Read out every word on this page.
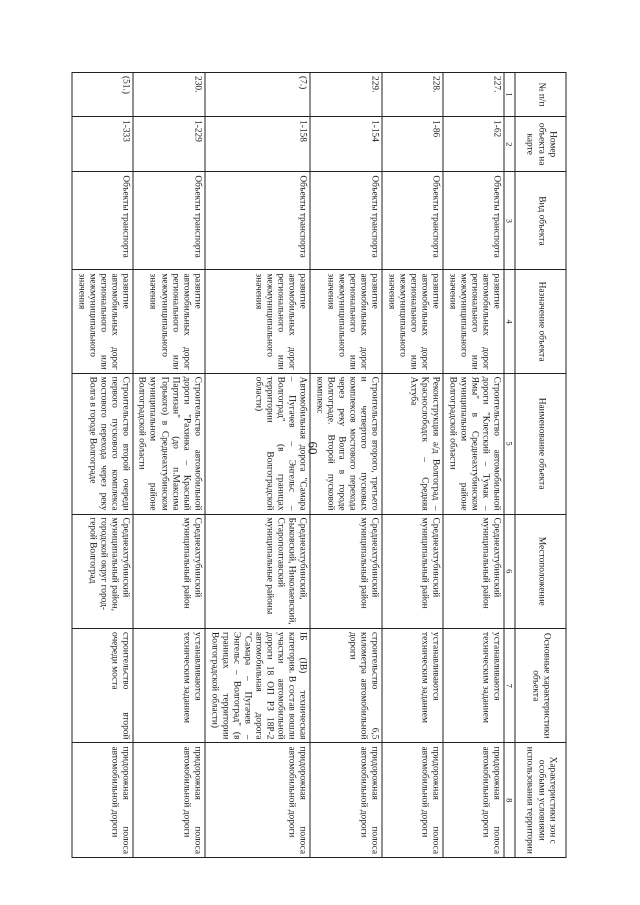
60
№ п/п	Номер объекта на карте	Вид объекта	Назначение объекта	Наименование объекта	Местоположение	Основные характеристики объекта	Характеристики зон с особыми условиями использования территории
1	2	3	4	5	6	7	8
227.	1-62	Объекты транспорта	развитие автомобильных дорог регионального или межмуниципального значения	Строительство автомобильной дороги "Клетский – Тумак – Ямы" в Среднеахтубинском муниципальном районе Волгоградской области	Среднеахтубинский муниципальный район	устанавливаются техническим заданием	придорожная полоса автомобильной дороги
228.	1-86	Объекты транспорта	развитие автомобильных дорог регионального или межмуниципального значения	Реконструкция а/д Волгоград – Краснослободск – Средняя Ахтуба	Среднеахтубинский муниципальный район	устанавливаются техническим заданием	придорожная полоса автомобильной дороги
229.	1-154	Объекты транспорта	развитие автомобильных дорог регионального или межмуниципального значения	Строительство второго, третьего и четвертого пусковых комплексов мостового перехода через реку Волга в городе Волгограде. Второй пусковой комплекс	Среднеахтубинский муниципальный район	строительство 6,5 километра автомобильной дороги	придорожная полоса автомобильной дороги
(7.)	1-158	Объекты транспорта	развитие автомобильных дорог регионального или межмуниципального значения	Автомобильная дорога "Самара – Пугачев – Энгельс – Волгоград" (в границах территории Волгоградской области)	Среднеахтубинский, Быковский, Николаевский, Старополтавский муниципальные районы	IБ (IВ) техническая категория. В состав вошли участки автомобильной дороги 18 ОП РЗ 18Р-2 автомобильная дорога "Самара – Пугачев – Энгельс – Волгоград" (в границах территории Волгоградской области)	придорожная полоса автомобильной дороги
230.	1-229	Объекты транспорта	развитие автомобильных дорог регионального или межмуниципального значения	Строительство автомобильной дороги "Рахинка – Красный Партизан" (до п.Максима Горького) в Среднеахтубинском муниципальном районе Волгоградской области	Среднеахтубинский муниципальный район	устанавливаются техническим заданием	придорожная полоса автомобильной дороги
(51.)	1-333	Объекты транспорта	развитие автомобильных дорог регионального или межмуниципального значения	Строительство второй очереди первого пускового комплекса мостового перехода через реку Волга в городе Волгограде	Среднеахтубинский муниципальный район, городской округ город-герой Волгоград	строительство второй очереди моста	придорожная полоса автомобильной дороги
